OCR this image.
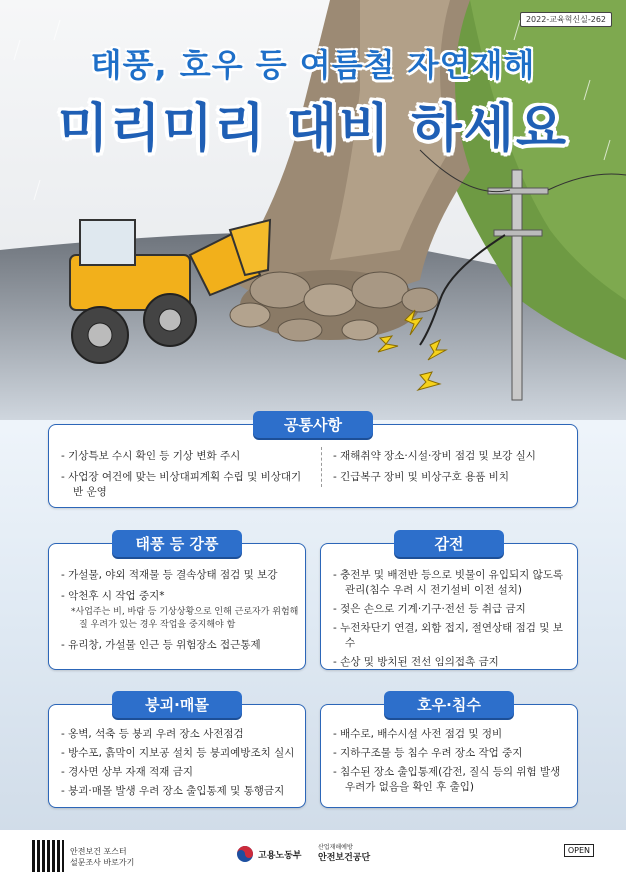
2022-교육혁신실-262
태풍, 호우 등 여름철 자연재해
미리미리 대비 하세요
공통사항
- 기상특보 수시 확인 등 기상 변화 주시
- 사업장 여건에 맞는 비상대피계획 수립 및 비상대기반 운영
- 재해취약 장소·시설·장비 점검 및 보강 실시
- 긴급복구 장비 및 비상구호 용품 비치
태풍 등 강풍
- 가설물, 야외 적재물 등 결속상태 점검 및 보강
- 악천후 시 작업 중지*
*사업주는 비, 바람 등 기상상황으로 인해 근로자가 위험해질 우려가 있는 경우 작업을 중지해야 함
- 유리창, 가설물 인근 등 위험장소 접근통제
감전
- 충전부 및 배전반 등으로 빗물이 유입되지 않도록 관리(침수 우려 시 전기설비 이전 설치)
- 젖은 손으로 기계·기구·전선 등 취급 금지
- 누전차단기 연결, 외함 접지, 절연상태 점검 및 보수
- 손상 및 방치된 전선 임의접촉 금지
붕괴·매몰
- 옹벽, 석축 등 붕괴 우려 장소 사전점검
- 방수포, 흙막이 지보공 설치 등 붕괴예방조치 실시
- 경사면 상부 자재 적재 금지
- 붕괴·매몰 발생 우려 장소 출입통제 및 통행금지
호우·침수
- 배수로, 배수시설 사전 점검 및 정비
- 지하구조물 등 침수 우려 장소 작업 중지
- 침수된 장소 출입통제(감전, 질식 등의 위험 발생 우려가 없음을 확인 후 출입)
안전보건 포스터
설문조사 바로가기
고용노동부
산업재해예방
안전보건공단
OPEN
